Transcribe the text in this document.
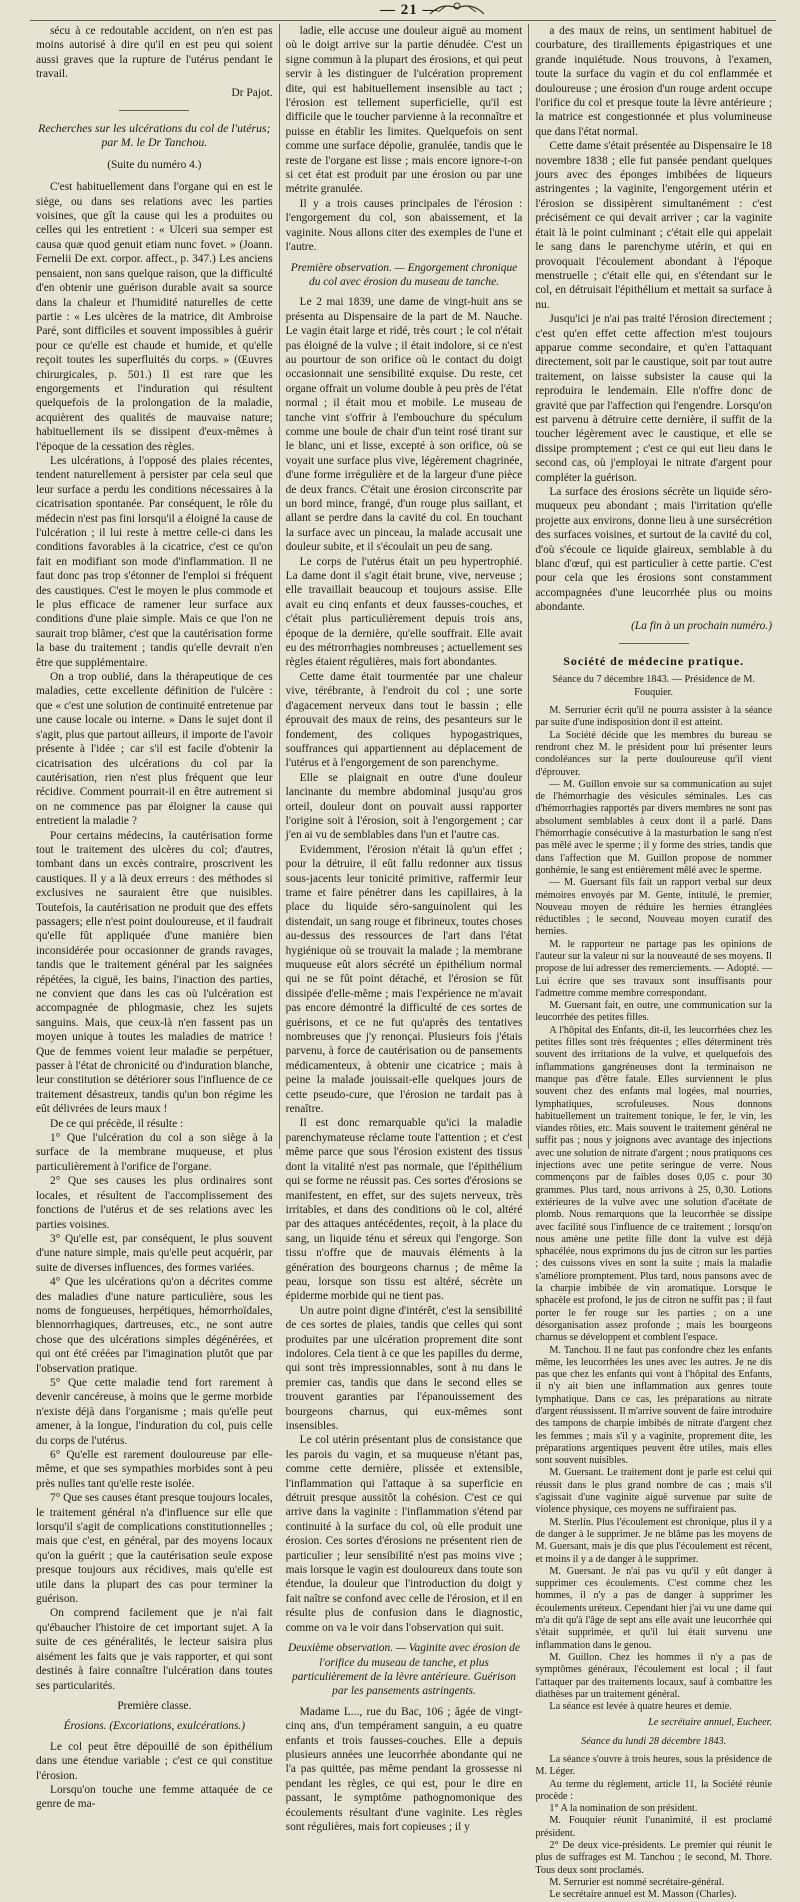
— 21 —

sécu à ce redoutable accident, on n'en est pas moins autorisé à dire qu'il en est peu qui soient aussi graves que la rupture de l'utérus pendant le travail.

Dr Pajot.

Recherches sur les ulcérations du col de l'utérus; par M. le Dr Tanchou.

(Suite du numéro 4.)

C'est habituellement dans l'organe qui en est le siège, ou dans ses relations avec les parties voisines, que gît la cause qui les a produites ou celles qui les entretient : « Ulceri sua semper est causa quæ quod genuit etiam nunc fovet. » (Joann. Fernelii De ext. corpor. affect., p. 347.) Les anciens pensaient, non sans quelque raison, que la difficulté d'en obtenir une guérison durable avait sa source dans la chaleur et l'humidité naturelles de cette partie : « Les ulcères de la matrice, dit Ambroise Paré, sont difficiles et souvent impossibles à guérir pour ce qu'elle est chaude et humide, et qu'elle reçoit toutes les superfluités du corps. » (Œuvres chirurgicales, p. 501.) Il est rare que les engorgements et l'induration qui résultent quelquefois de la prolongation de la maladie, acquièrent des qualités de mauvaise nature; habituellement ils se dissipent d'eux-mêmes à l'époque de la cessation des règles.

Les ulcérations, à l'opposé des plaies récentes, tendent naturellement à persister par cela seul que leur surface a perdu les conditions nécessaires à la cicatrisation spontanée. Par conséquent, le rôle du médecin n'est pas fini lorsqu'il a éloigné la cause de l'ulcération ; il lui reste à mettre celle-ci dans les conditions favorables à la cicatrice, c'est ce qu'on fait en modifiant son mode d'inflammation. Il ne faut donc pas trop s'étonner de l'emploi si fréquent des caustiques. C'est le moyen le plus commode et le plus efficace de ramener leur surface aux conditions d'une plaie simple. Mais ce que l'on ne saurait trop blâmer, c'est que la cautérisation forme la base du traitement ; tandis qu'elle devrait n'en être que supplémentaire.

On a trop oublié, dans la thérapeutique de ces maladies, cette excellente définition de l'ulcère : que « c'est une solution de continuité entretenue par une cause locale ou interne. » Dans le sujet dont il s'agit, plus que partout ailleurs, il importe de l'avoir présente à l'idée ; car s'il est facile d'obtenir la cicatrisation des ulcérations du col par la cautérisation, rien n'est plus fréquent que leur récidive. Comment pourrait-il en être autrement si on ne commence pas par éloigner la cause qui entretient la maladie ?

Pour certains médecins, la cautérisation forme tout le traitement des ulcères du col; d'autres, tombant dans un excès contraire, proscrivent les caustiques. Il y a là deux erreurs : des méthodes si exclusives ne sauraient être que nuisibles. Toutefois, la cautérisation ne produit que des effets passagers; elle n'est point douloureuse, et il faudrait qu'elle fût appliquée d'une manière bien inconsidérée pour occasionner de grands ravages, tandis que le traitement général par les saignées répétées, la ciguë, les bains, l'inaction des parties, ne convient que dans les cas où l'ulcération est accompagnée de phlogmasie, chez les sujets sanguins. Mais, que ceux-là n'en fassent pas un moyen unique à toutes les maladies de matrice ! Que de femmes voient leur maladie se perpétuer, passer à l'état de chronicité ou d'induration blanche, leur constitution se détériorer sous l'influence de ce traitement désastreux, tandis qu'un bon régime les eût délivrées de leurs maux !

De ce qui précède, il résulte :

1° Que l'ulcération du col a son siège à la surface de la membrane muqueuse, et plus particulièrement à l'orifice de l'organe.

2° Que ses causes les plus ordinaires sont locales, et résultent de l'accomplissement des fonctions de l'utérus et de ses relations avec les parties voisines.

3° Qu'elle est, par conséquent, le plus souvent d'une nature simple, mais qu'elle peut acquérir, par suite de diverses influences, des formes variées.

4° Que les ulcérations qu'on a décrites comme des maladies d'une nature particulière, sous les noms de fongueuses, herpétiques, hémorrhoïdales, blennorrhagiques, dartreuses, etc., ne sont autre chose que des ulcérations simples dégénérées, et qui ont été créées par l'imagination plutôt que par l'observation pratique.

5° Que cette maladie tend fort rarement à devenir cancéreuse, à moins que le germe morbide n'existe déjà dans l'organisme ; mais qu'elle peut amener, à la longue, l'induration du col, puis celle du corps de l'utérus.

6° Qu'elle est rarement douloureuse par elle-même, et que ses sympathies morbides sont à peu près nulles tant qu'elle reste isolée.

7° Que ses causes étant presque toujours locales, le traitement général n'a d'influence sur elle que lorsqu'il s'agit de complications constitutionnelles ; mais que c'est, en général, par des moyens locaux qu'on la guérit ; que la cautérisation seule expose presque toujours aux récidives, mais qu'elle est utile dans la plupart des cas pour terminer la guérison.

On comprend facilement que je n'ai fait qu'ébaucher l'histoire de cet important sujet. A la suite de ces généralités, le lecteur saisira plus aisément les faits que je vais rapporter, et qui sont destinés à faire connaître l'ulcération dans toutes ses particularités.

Première classe.

Érosions. (Excoriations, exulcérations.)

Le col peut être dépouillé de son épithélium dans une étendue variable ; c'est ce qui constitue l'érosion.

Lorsqu'on touche une femme attaquée de ce genre de ma-

ladie, elle accuse une douleur aiguë au moment où le doigt arrive sur la partie dénudée. C'est un signe commun à la plupart des érosions, et qui peut servir à les distinguer de l'ulcération proprement dite, qui est habituellement insensible au tact ; l'érosion est tellement superficielle, qu'il est difficile que le toucher parvienne à la reconnaître et puisse en établir les limites. Quelquefois on sent comme une surface dépolie, granulée, tandis que le reste de l'organe est lisse ; mais encore ignore-t-on si cet état est produit par une érosion ou par une métrite granulée.

Il y a trois causes principales de l'érosion : l'engorgement du col, son abaissement, et la vaginite. Nous allons citer des exemples de l'une et l'autre.

Première observation. — Engorgement chronique du col avec érosion du museau de tanche.

Le 2 mai 1839, une dame de vingt-huit ans se présenta au Dispensaire de la part de M. Nauche. Le vagin était large et ridé, très court ; le col n'était pas éloigné de la vulve ; il était indolore, si ce n'est au pourtour de son orifice où le contact du doigt occasionnait une sensibilité exquise. Du reste, cet organe offrait un volume double à peu près de l'état normal ; il était mou et mobile. Le museau de tanche vint s'offrir à l'embouchure du spéculum comme une boule de chair d'un teint rosé tirant sur le blanc, uni et lisse, excepté à son orifice, où se voyait une surface plus vive, légèrement chagrinée, d'une forme irrégulière et de la largeur d'une pièce de deux francs. C'était une érosion circonscrite par un bord mince, frangé, d'un rouge plus saillant, et allant se perdre dans la cavité du col. En touchant la surface avec un pinceau, la malade accusait une douleur subite, et il s'écoulait un peu de sang.

Le corps de l'utérus était un peu hypertrophié. La dame dont il s'agit était brune, vive, nerveuse ; elle travaillait beaucoup et toujours assise. Elle avait eu cinq enfants et deux fausses-couches, et c'était plus particulièrement depuis trois ans, époque de la dernière, qu'elle souffrait. Elle avait eu des métrorrhagies nombreuses ; actuellement ses règles étaient régulières, mais fort abondantes.

Cette dame était tourmentée par une chaleur vive, térébrante, à l'endroit du col ; une sorte d'agacement nerveux dans tout le bassin ; elle éprouvait des maux de reins, des pesanteurs sur le fondement, des coliques hypogastriques, souffrances qui appartiennent au déplacement de l'utérus et à l'engorgement de son parenchyme.

Elle se plaignait en outre d'une douleur lancinante du membre abdominal jusqu'au gros orteil, douleur dont on pouvait aussi rapporter l'origine soit à l'érosion, soit à l'engorgement ; car j'en ai vu de semblables dans l'un et l'autre cas.

Evidemment, l'érosion n'était là qu'un effet ; pour la détruire, il eût fallu redonner aux tissus sous-jacents leur tonicité primitive, raffermir leur trame et faire pénétrer dans les capillaires, à la place du liquide séro-sanguinolent qui les distendait, un sang rouge et fibrineux, toutes choses au-dessus des ressources de l'art dans l'état hygiénique où se trouvait la malade ; la membrane muqueuse eût alors sécrété un épithélium normal qui ne se fût point détaché, et l'érosion se fût dissipée d'elle-même ; mais l'expérience ne m'avait pas encore démontré la difficulté de ces sortes de guérisons, et ce ne fut qu'après des tentatives nombreuses que j'y renonçai. Plusieurs fois j'étais parvenu, à force de cautérisation ou de pansements médicamenteux, à obtenir une cicatrice ; mais à peine la malade jouissait-elle quelques jours de cette pseudo-cure, que l'érosion ne tardait pas à renaître.

Il est donc remarquable qu'ici la maladie parenchymateuse réclame toute l'attention ; et c'est même parce que sous l'érosion existent des tissus dont la vitalité n'est pas normale, que l'épithélium qui se forme ne réussit pas. Ces sortes d'érosions se manifestent, en effet, sur des sujets nerveux, très irritables, et dans des conditions où le col, altéré par des attaques antécédentes, reçoit, à la place du sang, un liquide ténu et séreux qui l'engorge. Son tissu n'offre que de mauvais éléments à la génération des bourgeons charnus ; de même la peau, lorsque son tissu est altéré, sécrète un épiderme morbide qui ne tient pas.

Un autre point digne d'intérêt, c'est la sensibilité de ces sortes de plaies, tandis que celles qui sont produites par une ulcération proprement dite sont indolores. Cela tient à ce que les papilles du derme, qui sont très impressionnables, sont à nu dans le premier cas, tandis que dans le second elles se trouvent garanties par l'épanouissement des bourgeons charnus, qui eux-mêmes sont insensibles.

Le col utérin présentant plus de consistance que les parois du vagin, et sa muqueuse n'étant pas, comme cette dernière, plissée et extensible, l'inflammation qui l'attaque à sa superficie en détruit presque aussitôt la cohésion. C'est ce qui arrive dans la vaginite : l'inflammation s'étend par continuité à la surface du col, où elle produit une érosion. Ces sortes d'érosions ne présentent rien de particulier ; leur sensibilité n'est pas moins vive ; mais lorsque le vagin est douloureux dans toute son étendue, la douleur que l'introduction du doigt y fait naître se confond avec celle de l'érosion, et il en résulte plus de confusion dans le diagnostic, comme on va le voir dans l'observation qui suit.

Deuxième observation. — Vaginite avec érosion de l'orifice du museau de tanche, et plus particulièrement de la lèvre antérieure. Guérison par les pansements astringents.

Madame L..., rue du Bac, 106 ; âgée de vingt-cinq ans, d'un tempérament sanguin, a eu quatre enfants et trois fausses-couches. Elle a depuis plusieurs années une leucorrhée abondante qui ne l'a pas quittée, pas même pendant la grossesse ni pendant les règles, ce qui est, pour le dire en passant, le symptôme pathognomonique des écoulements résultant d'une vaginite. Les règles sont régulières, mais fort copieuses ; il y

a des maux de reins, un sentiment habituel de courbature, des tiraillements épigastriques et une grande inquiétude. Nous trouvons, à l'examen, toute la surface du vagin et du col enflammée et douloureuse ; une érosion d'un rouge ardent occupe l'orifice du col et presque toute la lèvre antérieure ; la matrice est congestionnée et plus volumineuse que dans l'état normal.

Cette dame s'était présentée au Dispensaire le 18 novembre 1838 ; elle fut pansée pendant quelques jours avec des éponges imbibées de liqueurs astringentes ; la vaginite, l'engorgement utérin et l'érosion se dissipèrent simultanément : c'est précisément ce qui devait arriver ; car la vaginite était là le point culminant ; c'était elle qui appelait le sang dans le parenchyme utérin, et qui en provoquait l'écoulement abondant à l'époque menstruelle ; c'était elle qui, en s'étendant sur le col, en détruisait l'épithélium et mettait sa surface à nu.

Jusqu'ici je n'ai pas traité l'érosion directement ; c'est qu'en effet cette affection m'est toujours apparue comme secondaire, et qu'en l'attaquant directement, soit par le caustique, soit par tout autre traitement, on laisse subsister la cause qui la reproduira le lendemain. Elle n'offre donc de gravité que par l'affection qui l'engendre. Lorsqu'on est parvenu à détruire cette dernière, il suffit de la toucher légèrement avec le caustique, et elle se dissipe promptement ; c'est ce qui eut lieu dans le second cas, où j'employai le nitrate d'argent pour compléter la guérison.

La surface des érosions sécrète un liquide séro-muqueux peu abondant ; mais l'irritation qu'elle projette aux environs, donne lieu à une sursécrétion des surfaces voisines, et surtout de la cavité du col, d'où s'écoule ce liquide glaireux, semblable à du blanc d'œuf, qui est particulier à cette partie. C'est pour cela que les érosions sont constamment accompagnées d'une leucorrhée plus ou moins abondante.

(La fin à un prochain numéro.)

Société de médecine pratique.

Séance du 7 décembre 1843. — Présidence de M. Fouquier.

M. Serrurier écrit qu'il ne pourra assister à la séance par suite d'une indisposition dont il est atteint.

La Société décide que les membres du bureau se rendront chez M. le président pour lui présenter leurs condoléances sur la perte douloureuse qu'il vient d'éprouver.

— M. Guillon envoie sur sa communication au sujet de l'hémorrhagie des vésicules séminales. Les cas d'hémorrhagies rapportés par divers membres ne sont pas absolument semblables à ceux dont il a parlé. Dans l'hémorrhagie consécutive à la masturbation le sang n'est pas mêlé avec le sperme ; il y forme des stries, tandis que dans l'affection que M. Guillon propose de nommer gonhémie, le sang est entièrement mêlé avec le sperme.

— M. Guersant fils fait un rapport verbal sur deux mémoires envoyés par M. Gente, intitulé, le premier, Nouveau moyen de réduire les hernies étranglées réductibles ; le second, Nouveau moyen curatif des hernies.

M. le rapporteur ne partage pas les opinions de l'auteur sur la valeur ni sur la nouveauté de ses moyens. Il propose de lui adresser des remerciements. — Adopté. — Lui écrire que ses travaux sont insuffisants pour l'admettre comme membre correspondant.

M. Guersant fait, en outre, une communication sur la leucorrhée des petites filles.

A l'hôpital des Enfants, dit-il, les leucorrhées chez les petites filles sont très fréquentes ; elles déterminent très souvent des irritations de la vulve, et quelquefois des inflammations gangréneuses dont la terminaison ne manque pas d'être fatale. Elles surviennent le plus souvent chez des enfants mal logées, mal nourries, lymphatiques, scrofuleuses. Nous donnons habituellement un traitement tonique, le fer, le vin, les viandes rôties, etc. Mais souvent le traitement général ne suffit pas ; nous y joignons avec avantage des injections avec une solution de nitrate d'argent ; nous pratiquons ces injections avec une petite seringue de verre. Nous commençons par de faibles doses 0,05 c. pour 30 grammes. Plus tard, nous arrivons à 25, 0,30. Lotions extérieures de la vulve avec une solution d'acétate de plomb. Nous remarquons que la leucorrhée se dissipe avec facilité sous l'influence de ce traitement ; lorsqu'on nous amène une petite fille dont la vulve est déjà sphacélée, nous exprimons du jus de citron sur les parties ; des cuissons vives en sont la suite ; mais la maladie s'améliore promptement. Plus tard, nous pansons avec de la charpie imbibée de vin aromatique. Lorsque le sphacèle est profond, le jus de citron ne suffit pas ; il faut porter le fer rouge sur les parties ; on a une désorganisation assez profonde ; mais les bourgeons charnus se développent et comblent l'espace.

M. Tanchou. Il ne faut pas confondre chez les enfants même, les leucorrhées les unes avec les autres. Je ne dis pas que chez les enfants qui vont à l'hôpital des Enfants, il n'y ait bien une inflammation aux genres toute lymphatique. Dans ce cas, les préparations au nitrate d'argent réussissent. Il m'arrive souvent de faire introduire des tampons de charpie imbibés de nitrate d'argent chez les femmes ; mais s'il y a vaginite, proprement dite, les préparations argentiques peuvent être utiles, mais elles sont souvent nuisibles.

M. Guersant. Le traitement dont je parle est celui qui réussit dans le plus grand nombre de cas ; mais s'il s'agissait d'une vaginite aiguë survenue par suite de violence physique, ces moyens ne suffiraient pas.

M. Sterlin. Plus l'écoulement est chronique, plus il y a de danger à le supprimer. Je ne blâme pas les moyens de M. Guersant, mais je dis que plus l'écoulement est récent, et moins il y a de danger à le supprimer.

M. Guersant. Je n'ai pas vu qu'il y eût danger à supprimer ces écoulements. C'est comme chez les hommes, il n'y a pas de danger à supprimer les écoulements uréteux. Cependant hier j'ai vu une dame qui m'a dit qu'à l'âge de sept ans elle avait une leucorrhée qui s'était supprimée, et qu'il lui était survenu une inflammation dans le genou.

M. Guillon. Chez les hommes il n'y a pas de symptômes généraux, l'écoulement est local ; il faut l'attaquer par des traitements locaux, sauf à combattre les diathèses par un traitement général.

La séance est levée à quatre heures et demie.

Le secrétaire annuel, Eucheer.

Séance du lundi 28 décembre 1843.

La séance s'ouvre à trois heures, sous la présidence de M. Léger.

Au terme du règlement, article 11, la Société réunie procède :

1° A la nomination de son président.

M. Fouquier réunit l'unanimité, il est proclamé président.

2° De deux vice-présidents. Le premier qui réunit le plus de suffrages est M. Tanchou ; le second, M. Thore. Tous deux sont proclamés.

M. Serrurier est nommé secrétaire-général.

Le secrétaire annuel est M. Masson (Charles).
